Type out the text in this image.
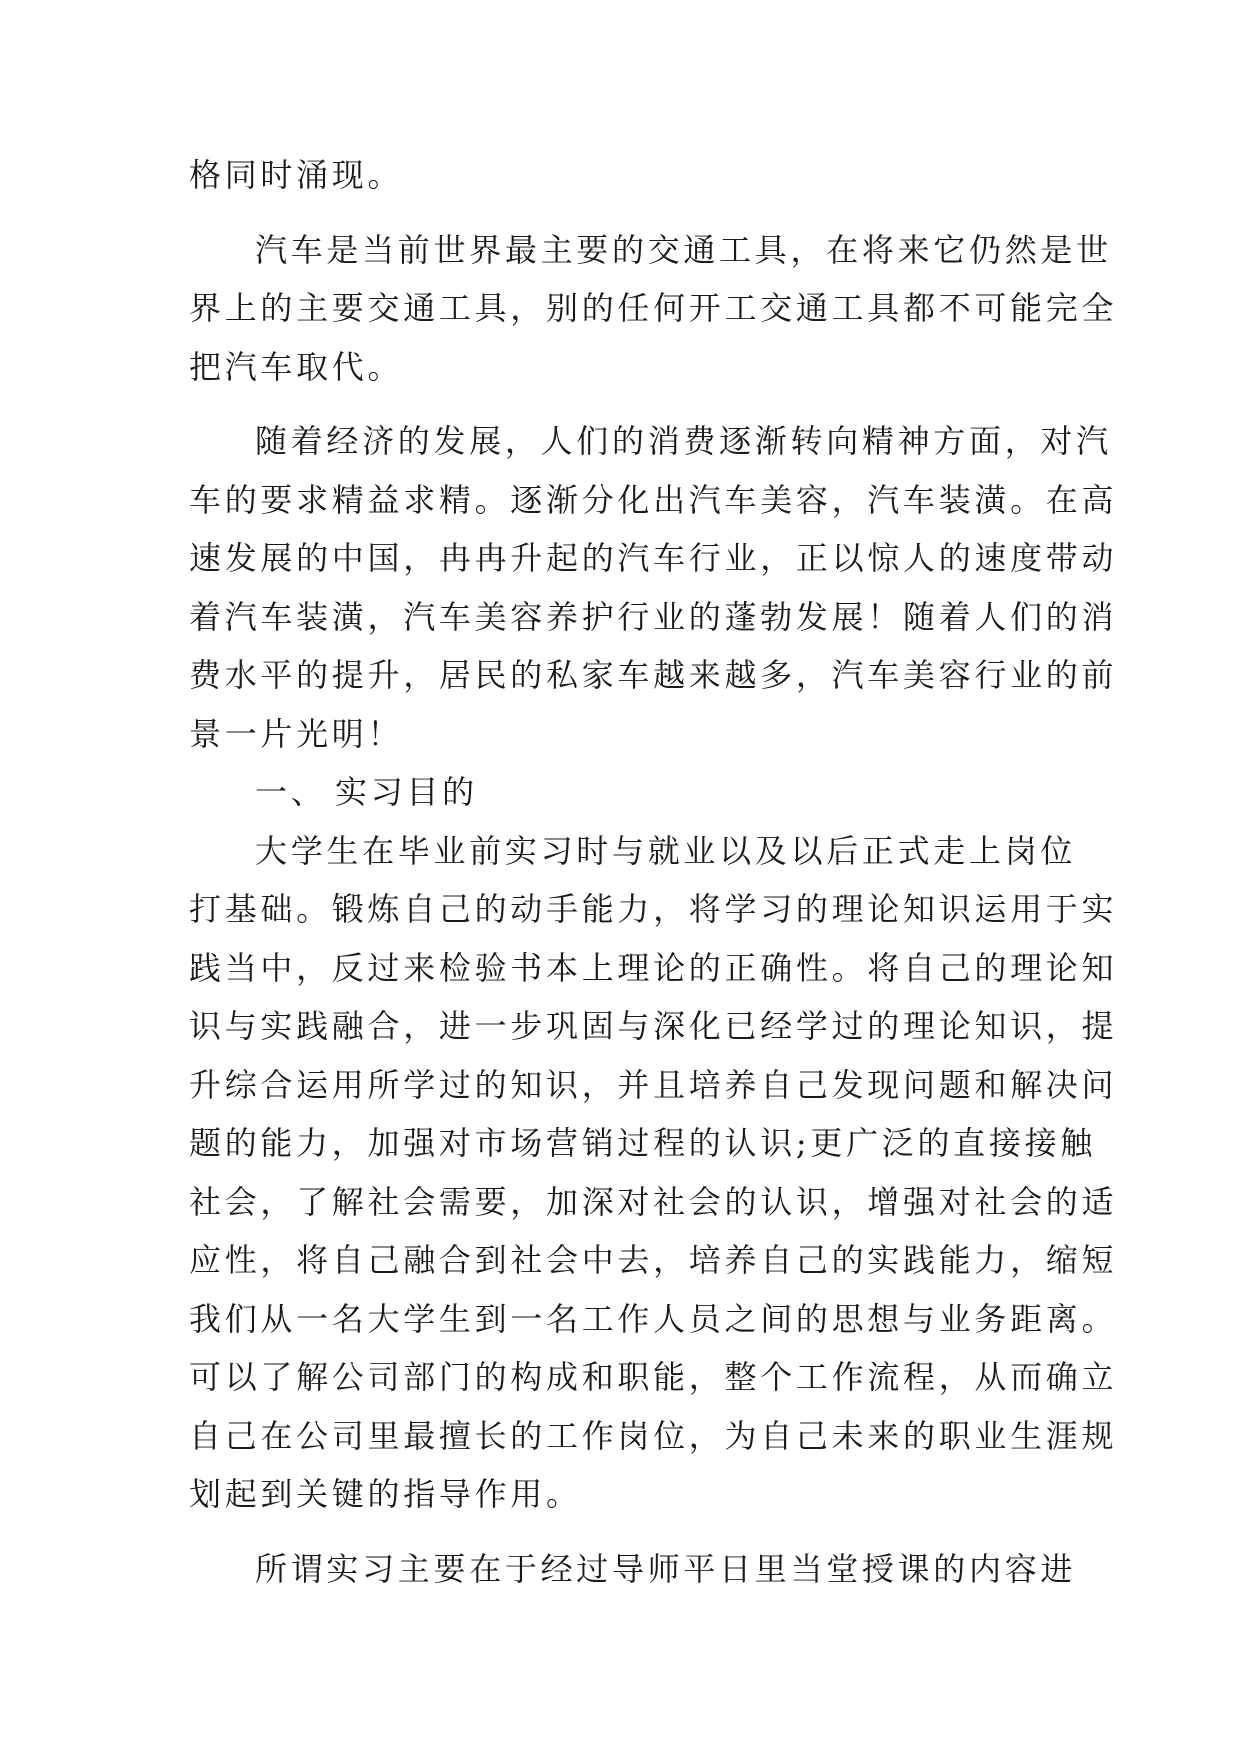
格同时涌现。
汽车是当前世界最主要的交通工具，在将来它仍然是世
界上的主要交通工具，别的任何开工交通工具都不可能完全
把汽车取代。
随着经济的发展，人们的消费逐渐转向精神方面，对汽
车的要求精益求精。逐渐分化出汽车美容，汽车装潢。在高
速发展的中国，冉冉升起的汽车行业，正以惊人的速度带动
着汽车装潢，汽车美容养护行业的蓬勃发展！随着人们的消
费水平的提升，居民的私家车越来越多，汽车美容行业的前
景一片光明！
一、 实习目的
大学生在毕业前实习时与就业以及以后正式走上岗位
打基础。锻炼自己的动手能力，将学习的理论知识运用于实
践当中，反过来检验书本上理论的正确性。将自己的理论知
识与实践融合，进一步巩固与深化已经学过的理论知识，提
升综合运用所学过的知识，并且培养自己发现问题和解决问
题的能力，加强对市场营销过程的认识;更广泛的直接接触
社会，了解社会需要，加深对社会的认识，增强对社会的适
应性，将自己融合到社会中去，培养自己的实践能力，缩短
我们从一名大学生到一名工作人员之间的思想与业务距离。
可以了解公司部门的构成和职能，整个工作流程，从而确立
自己在公司里最擅长的工作岗位，为自己未来的职业生涯规
划起到关键的指导作用。
所谓实习主要在于经过导师平日里当堂授课的内容进
